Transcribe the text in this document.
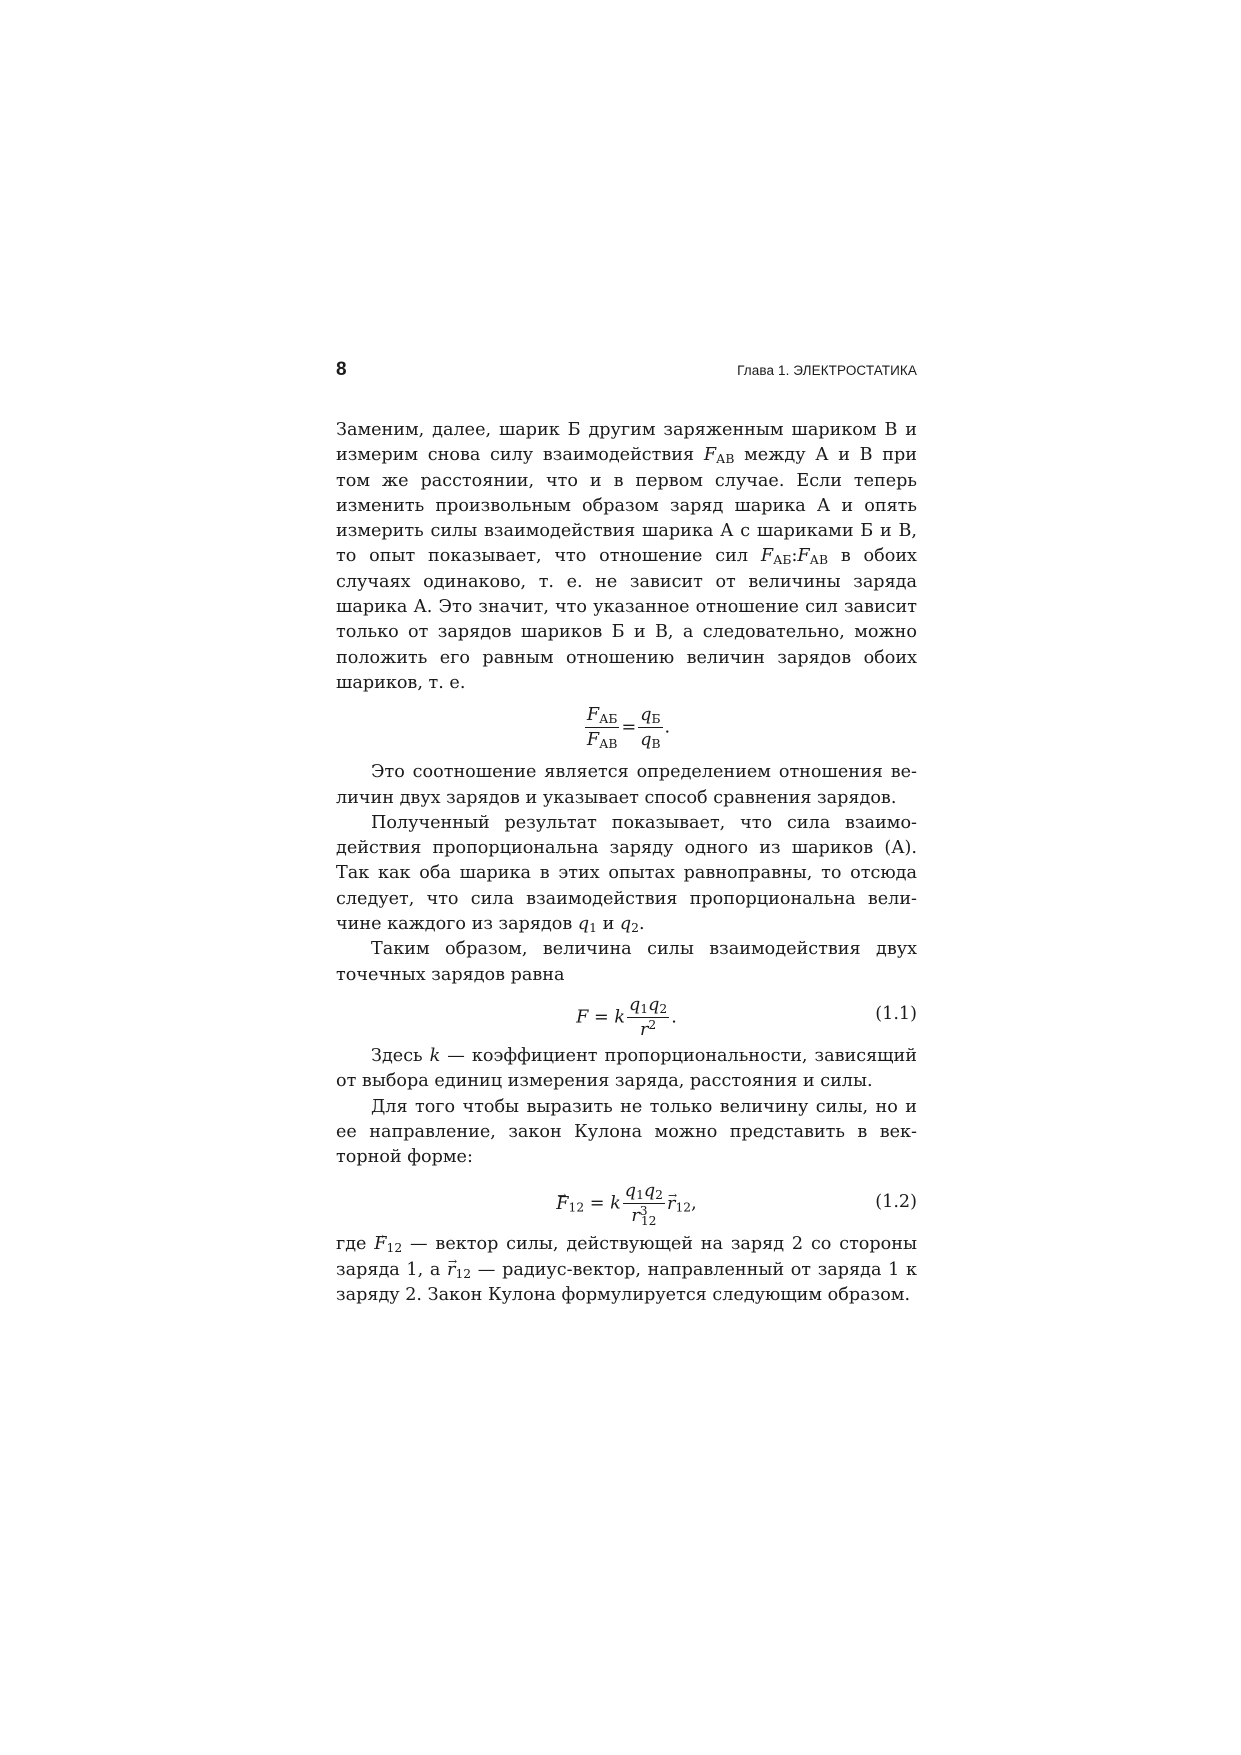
8	Глава 1. ЭЛЕКТРОСТАТИКА

Заменим, далее, шарик Б другим заряженным шариком В и измерим снова силу взаимодействия $F_{АВ}$ между А и В при том же расстоянии, что и в первом случае. Если теперь изменить произвольным образом заряд шарика А и опять измерить силы взаимодействия шарика А с шариками Б и В, то опыт показывает, что отношение сил $F_{АБ}:F_{АВ}$ в обоих случаях одинаково, т. е. не зависит от величины заряда шарика А. Это значит, что указанное отношение сил зависит только от зарядов шариков Б и В, а следовательно, можно положить его равным отношению величин зарядов обоих шариков, т. е.

$\frac{F_{АБ}}{F_{АВ}} = \frac{q_Б}{q_В}$ .

Это соотношение является определением отношения величин двух зарядов и указывает способ сравнения зарядов.

Полученный результат показывает, что сила взаимодействия пропорциональна заряду одного из шариков (А). Так как оба шарика в этих опытах равноправны, то отсюда следует, что сила взаимодействия пропорциональна величине каждого из зарядов $q_1$ и $q_2$.

Таким образом, величина силы взаимодействия двух точечных зарядов равна

F = k $\frac{q_1q_2}{r^2}$ .	(1.1)

Здесь k — коэффициент пропорциональности, зависящий от выбора единиц измерения заряда, расстояния и силы.

Для того чтобы выразить не только величину силы, но и ее направление, закон Кулона можно представить в векторной форме:

→ $F_{12} = k \frac{q_1q_2}{r^3_{12}}$
→ $r_{12}$,	(1.2)

где → $F_{12}$ — вектор силы, действующей на заряд 2 со стороны заряда 1, $а \to r_{12}$ — радиус-вектор, направленный от заряда 1 к заряду 2. Закон Кулона формулируется следующим образом.
